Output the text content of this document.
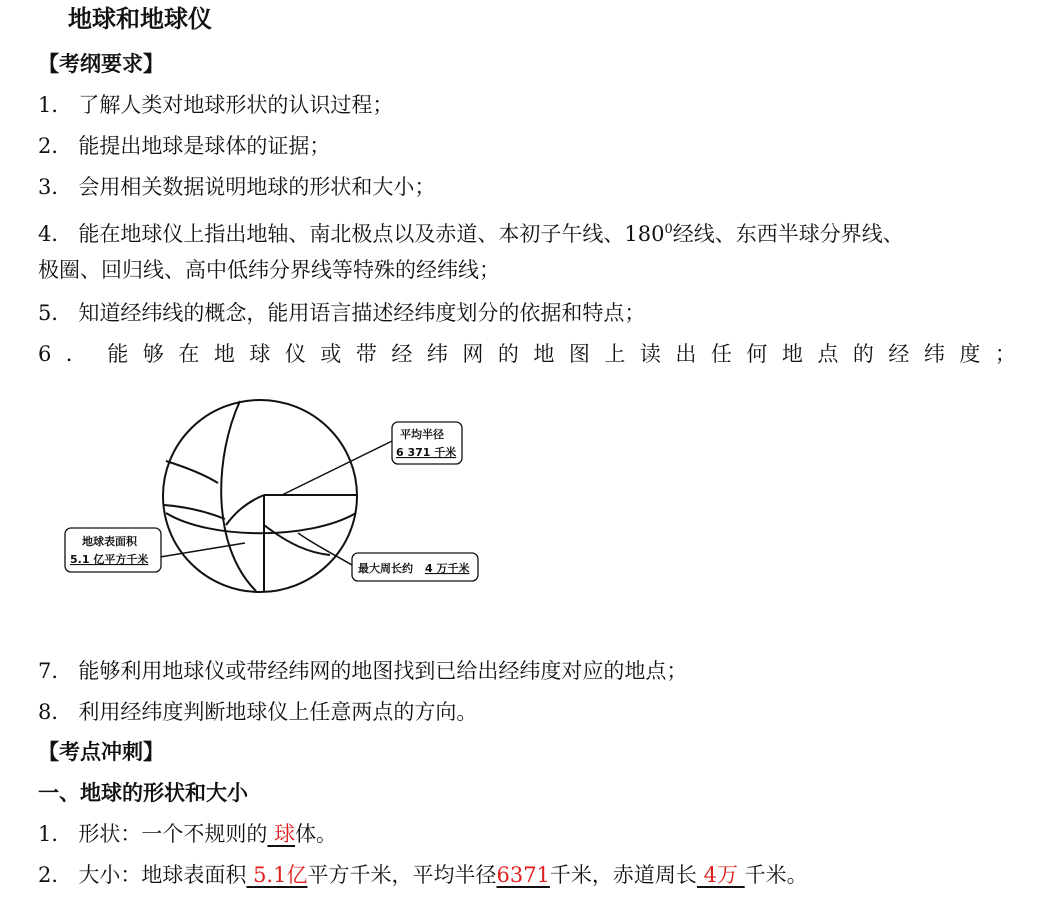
地球和地球仪
【考纲要求】
1． 了解人类对地球形状的认识过程；
2． 能提出地球是球体的证据；
3． 会用相关数据说明地球的形状和大小；
4． 能在地球仪上指出地轴、南北极点以及赤道、本初子午线、$180^0$经线、东西半球分界线、
极圈、回归线、高中低纬分界线等特殊的经纬线；
5． 知道经纬线的概念，能用语言描述经纬度划分的依据和特点；
6． 能够在地球仪或带经纬网的地图上读出任何地点的经纬度；
平均半径
6 371 千米
地球表面积
5.1 亿平方千米
最大周长约 4 万千米
7． 能够利用地球仪或带经纬网的地图找到已给出经纬度对应的地点；
8． 利用经纬度判断地球仪上任意两点的方向。
【考点冲刺】
一、地球的形状和大小
1． 形状：一个不规则的 球体。
2． 大小：地球表面积 5.1亿平方千米，平均半径6371千米，赤道周长 4万 千米。
